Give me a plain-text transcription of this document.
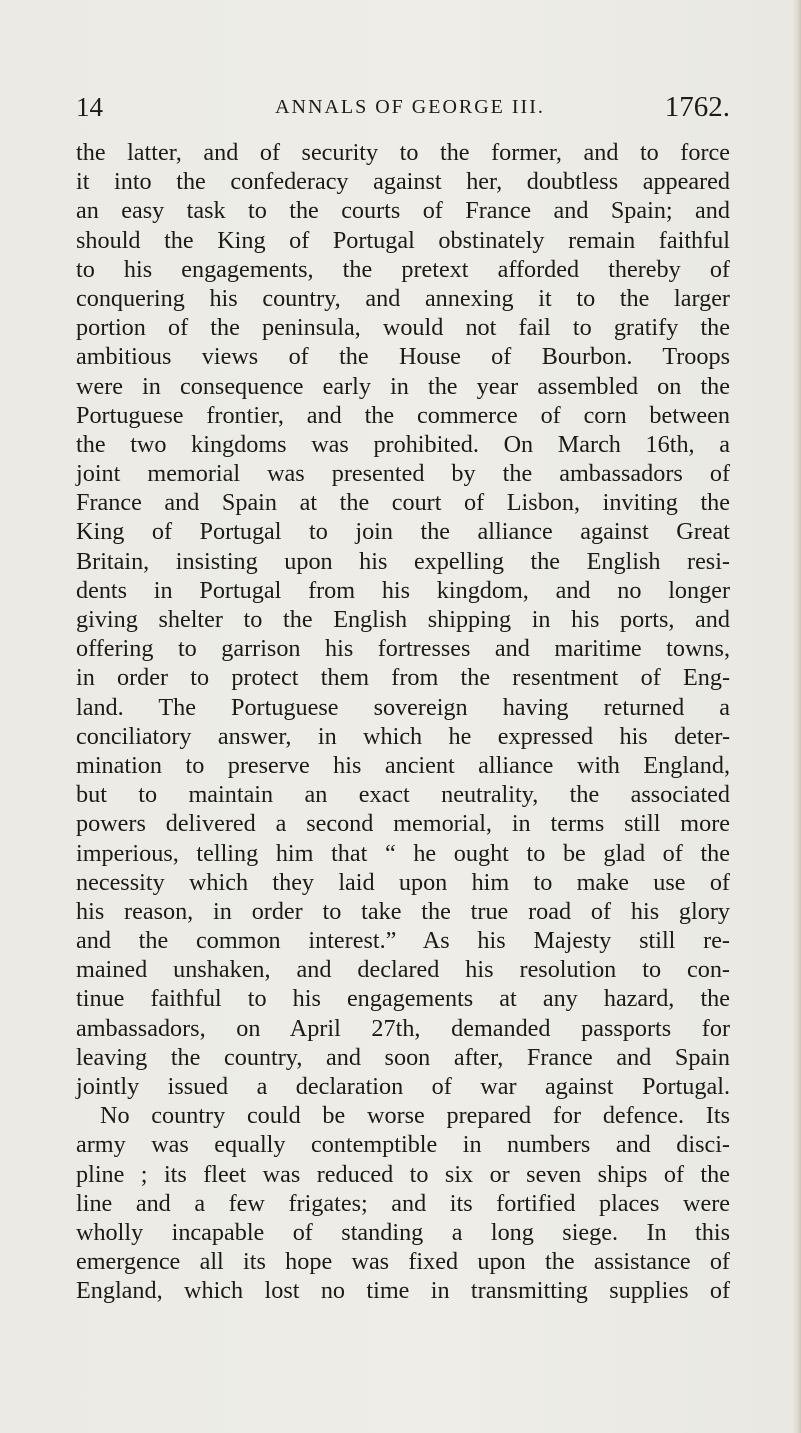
14	ANNALS OF GEORGE III.	1762.
the latter, and of security to the former, and to force
it into the confederacy against her, doubtless appeared
an easy task to the courts of France and Spain; and
should the King of Portugal obstinately remain faithful
to his engagements, the pretext afforded thereby of
conquering his country, and annexing it to the larger
portion of the peninsula, would not fail to gratify the
ambitious views of the House of Bourbon. Troops
were in consequence early in the year assembled on the
Portuguese frontier, and the commerce of corn between
the two kingdoms was prohibited. On March 16th, a
joint memorial was presented by the ambassadors of
France and Spain at the court of Lisbon, inviting the
King of Portugal to join the alliance against Great
Britain, insisting upon his expelling the English resi-
dents in Portugal from his kingdom, and no longer
giving shelter to the English shipping in his ports, and
offering to garrison his fortresses and maritime towns,
in order to protect them from the resentment of Eng-
land. The Portuguese sovereign having returned a
conciliatory answer, in which he expressed his deter-
mination to preserve his ancient alliance with England,
but to maintain an exact neutrality, the associated
powers delivered a second memorial, in terms still more
imperious, telling him that “ he ought to be glad of the
necessity which they laid upon him to make use of
his reason, in order to take the true road of his glory
and the common interest.” As his Majesty still re-
mained unshaken, and declared his resolution to con-
tinue faithful to his engagements at any hazard, the
ambassadors, on April 27th, demanded passports for
leaving the country, and soon after, France and Spain
jointly issued a declaration of war against Portugal.
No country could be worse prepared for defence. Its
army was equally contemptible in numbers and disci-
pline ; its fleet was reduced to six or seven ships of the
line and a few frigates; and its fortified places were
wholly incapable of standing a long siege. In this
emergence all its hope was fixed upon the assistance of
England, which lost no time in transmitting supplies of
